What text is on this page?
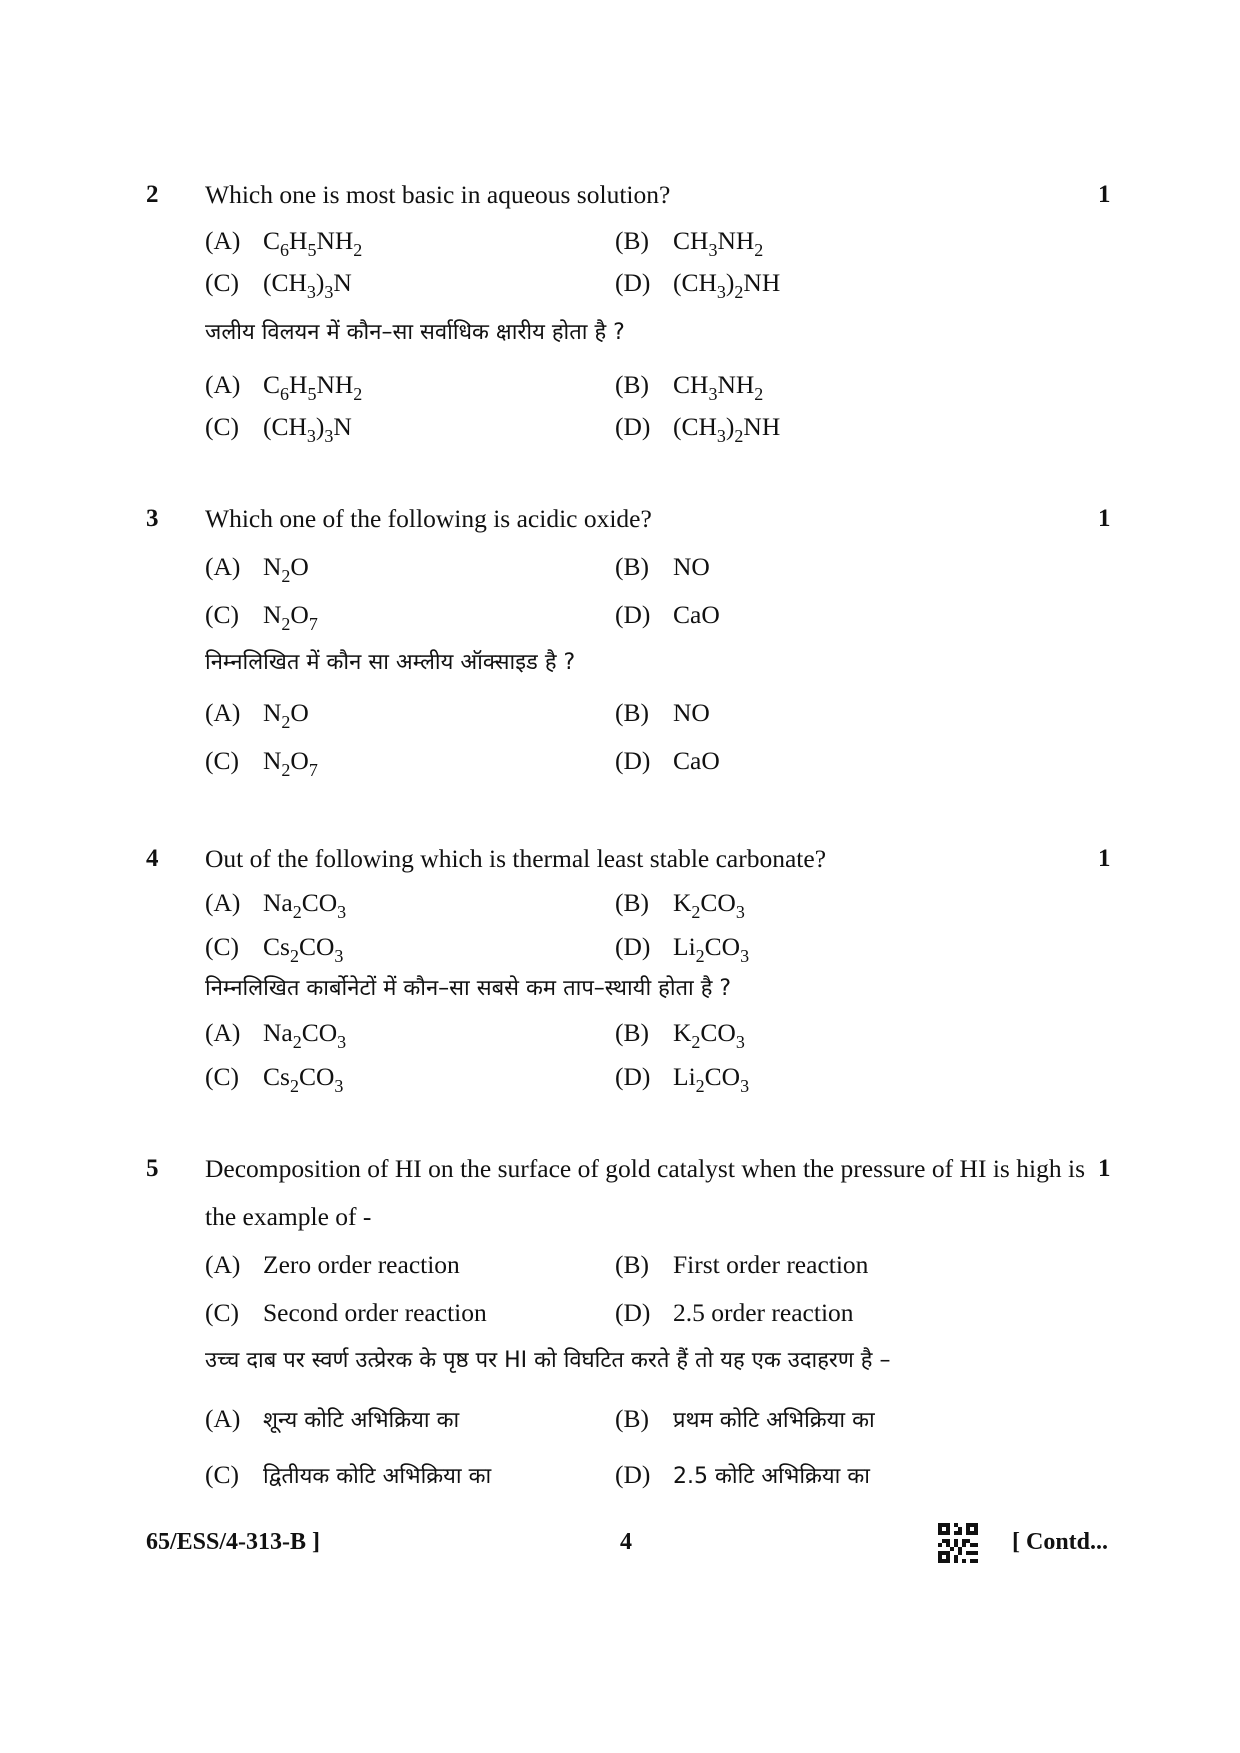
2 Which one is most basic in aqueous solution?	1
(A) $C_6H_5NH_2$	(B) $CH_3NH_2$
(C) $(CH_3)_3N$	(D) $(CH_3)_2NH$
जलीय विलयन में कौन–सा सर्वाधिक क्षारीय होता है ?
(A) $C_6H_5NH_2$	(B) $CH_3NH_2$
(C) $(CH_3)_3N$	(D) $(CH_3)_2NH$
3 Which one of the following is acidic oxide?	1
(A) $N_2O$	(B) NO
(C) $N_2O_7$	(D) CaO
निम्नलिखित में कौन सा अम्लीय ऑक्साइड है ?
(A) $N_2O$	(B) NO
(C) $N_2O_7$	(D) CaO
4 Out of the following which is thermal least stable carbonate?	1
(A) $Na_2CO_3$	(B) $K_2CO_3$
(C) $Cs_2CO_3$	(D) $Li_2CO_3$
निम्नलिखित कार्बोनेटों में कौन–सा सबसे कम ताप–स्थायी होता है ?
(A) $Na_2CO_3$	(B) $K_2CO_3$
(C) $Cs_2CO_3$	(D) $Li_2CO_3$
5 Decomposition of HI on the surface of gold catalyst when the pressure of HI is high is the example of -
1
(A) Zero order reaction	(B) First order reaction
(C) Second order reaction	(D) 2.5 order reaction
उच्च दाब पर स्वर्ण उत्प्रेरक के पृष्ठ पर HI को विघटित करते हैं तो यह एक उदाहरण है –
(A) शून्य कोटि अभिक्रिया का	(B) प्रथम कोटि अभिक्रिया का
(C) द्वितीयक कोटि अभिक्रिया का	(D) 2.5 कोटि अभिक्रिया का
65/ESS/4-313-B ]	4	[ Contd...
